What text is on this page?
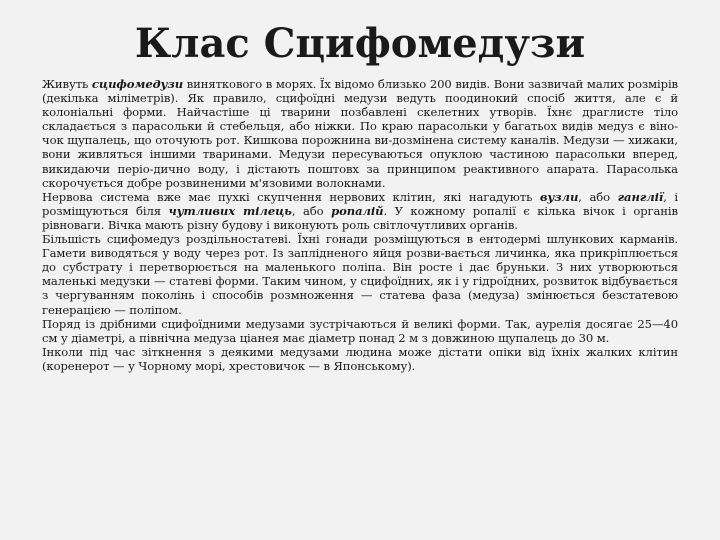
Клас Сцифомедузи

Живуть сцифомедузи виняткового в морях. Їх відомо близько 200 видів. Вони зазвичай малих розмірів (декілька міліметрів). Як правило, сцифоїдні медузи ведуть поодинокий спосіб життя, але є й колоніальні форми. Найчастіше ці тварини позбавлені скелетних утворів. Їхнє драглисте тіло складається з парасольки й стебельця, або ніжки. По краю парасольки у багатьох видів медуз є віно-чок щупалець, що оточують рот. Кишкова порожнина ви-дозмінена систему каналів. Медузи — хижаки, вони живляться іншими тваринами. Медузи пересуваються опуклою частиною парасольки вперед, викидаючи періо-дично воду, і дістають поштовх за принципом реактивного апарата. Парасолька скорочується добре розвиненими м'язовими волокнами.

Нервова система вже має пухкі скупчення нервових клітин, які нагадують вузли, або ганглії, і розміщуються біля чутливих тілець, або ропалій. У кожному ропалії є кілька вічок і органів рівноваги. Вічка мають різну будову і виконують роль світлочутливих органів.

Більшість сцифомедуз роздільностатеві. Їхні гонади розміщуються в ентодермі шлункових карманів. Гамети виводяться у воду через рот. Із заплідненого яйця розви-вається личинка, яка прикріплюється до субстрату і перетворюється на маленького поліпа. Він росте і дає бруньки. З них утворюються маленькі медузки — статеві форми. Таким чином, у сцифоїдних, як і у гідроїдних, розвиток відбувається з чергуванням поколінь і способів розмноження — статева фаза (медуза) змінюється безстатевою генерацією — поліпом.

Поряд із дрібними сцифоїдними медузами зустрічаються й великі форми. Так, аурелія досягає 25—40 см у діаметрі, а північна медуза ціанея має діаметр понад 2 м з довжиною щупалець до 30 м.

Інколи під час зіткнення з деякими медузами людина може дістати опіки від їхніх жалких клітин (коренерот — у Чорному морі, хрестовичок — в Японському).
